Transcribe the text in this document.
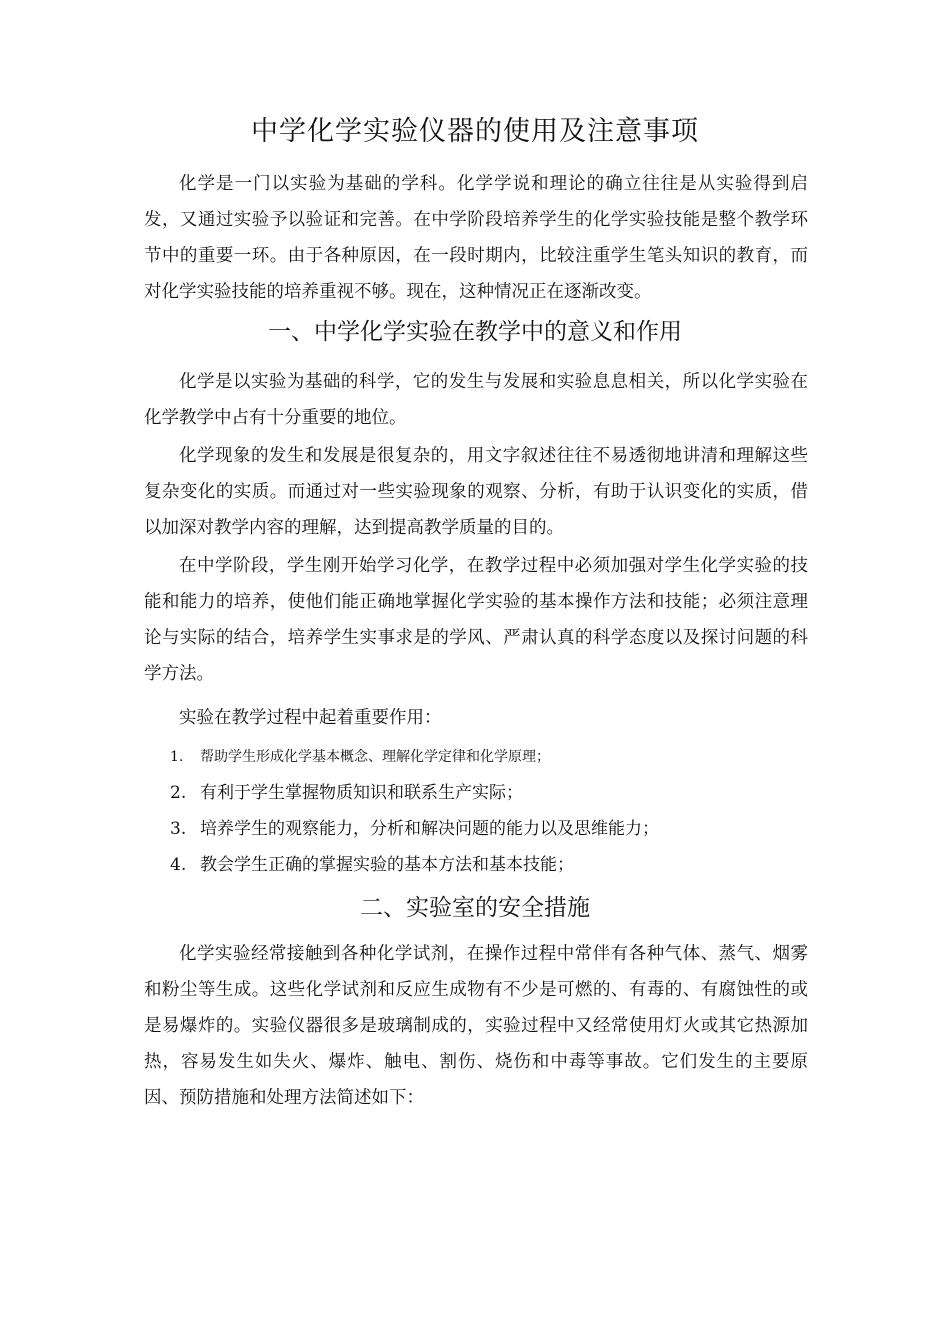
中学化学实验仪器的使用及注意事项

化学是一门以实验为基础的学科。化学学说和理论的确立往往是从实验得到启发，又通过实验予以验证和完善。在中学阶段培养学生的化学实验技能是整个教学环节中的重要一环。由于各种原因，在一段时期内，比较注重学生笔头知识的教育，而对化学实验技能的培养重视不够。现在，这种情况正在逐渐改变。

一、中学化学实验在教学中的意义和作用

化学是以实验为基础的科学，它的发生与发展和实验息息相关，所以化学实验在化学教学中占有十分重要的地位。

化学现象的发生和发展是很复杂的，用文字叙述往往不易透彻地讲清和理解这些复杂变化的实质。而通过对一些实验现象的观察、分析，有助于认识变化的实质，借以加深对教学内容的理解，达到提高教学质量的目的。

在中学阶段，学生刚开始学习化学，在教学过程中必须加强对学生化学实验的技能和能力的培养，使他们能正确地掌握化学实验的基本操作方法和技能；必须注意理论与实际的结合，培养学生实事求是的学风、严肃认真的科学态度以及探讨问题的科学方法。

实验在教学过程中起着重要作用：

1.	帮助学生形成化学基本概念、理解化学定律和化学原理；
2. 有利于学生掌握物质知识和联系生产实际；
3. 培养学生的观察能力，分析和解决问题的能力以及思维能力；
4. 教会学生正确的掌握实验的基本方法和基本技能；
二、实验室的安全措施

化学实验经常接触到各种化学试剂，在操作过程中常伴有各种气体、蒸气、烟雾和粉尘等生成。这些化学试剂和反应生成物有不少是可燃的、有毒的、有腐蚀性的或是易爆炸的。实验仪器很多是玻璃制成的，实验过程中又经常使用灯火或其它热源加热，容易发生如失火、爆炸、触电、割伤、烧伤和中毒等事故。它们发生的主要原因、预防措施和处理方法简述如下：
